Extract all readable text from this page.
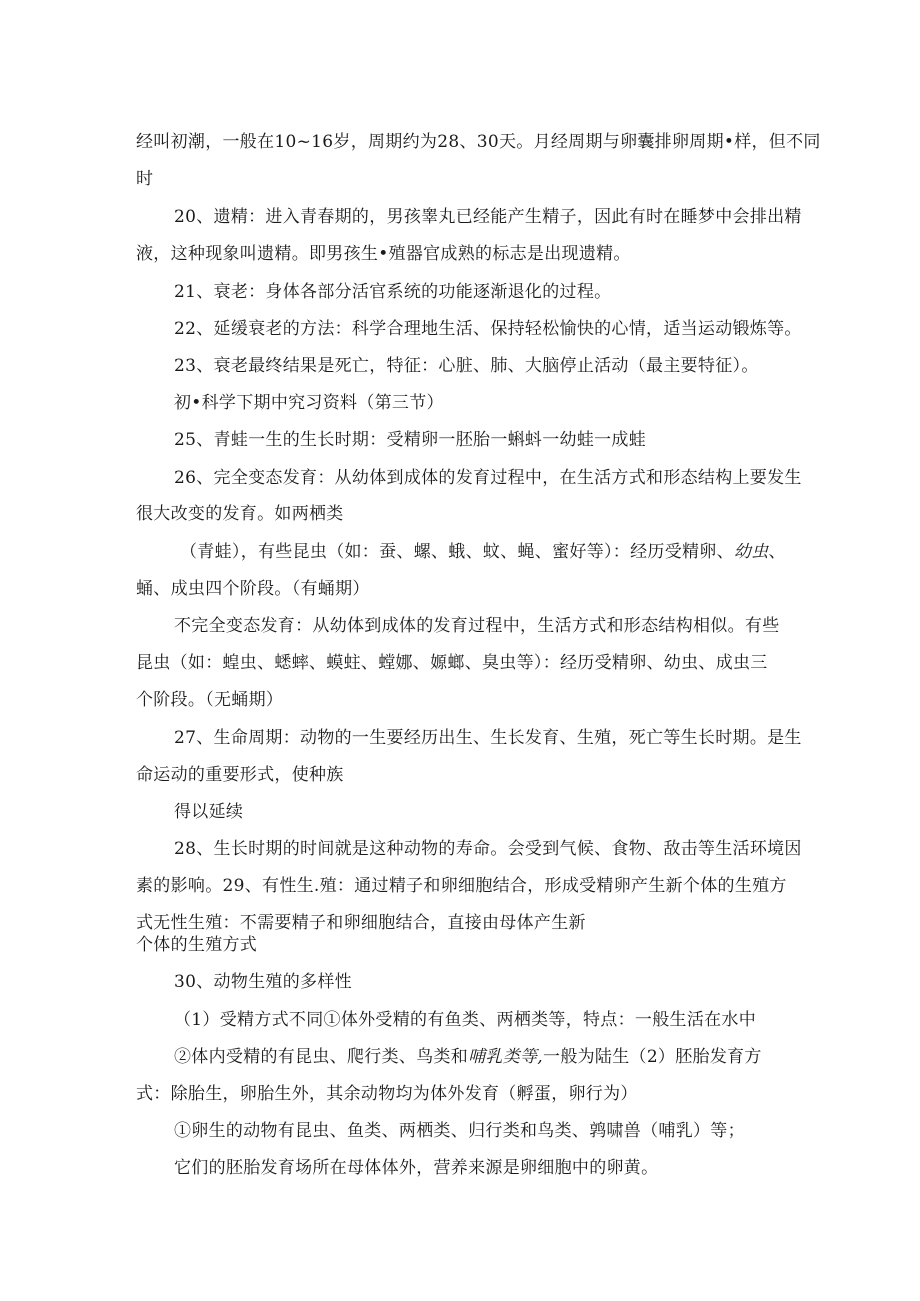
经叫初潮，一般在10~16岁，周期约为28、30天。月经周期与卵囊排卵周期•样，但不同

时

20、遗精：进入青春期的，男孩睾丸已经能产生精子，因此有时在睡梦中会排出精

液，这种现象叫遗精。即男孩生•殖器官成熟的标志是出现遗精。

21、衰老：身体各部分活官系统的功能逐渐退化的过程。

22、延缓衰老的方法：科学合理地生活、保持轻松愉快的心情，适当运动锻炼等。

23、衰老最终结果是死亡，特征：心脏、肺、大脑停止活动（最主要特征）。

初•科学下期中究习资料（第三节）

25、青蛙一生的生长时期：受精卵一胚胎一蝌蚪一幼蛙一成蛙

26、完全变态发育：从幼体到成体的发育过程中，在生活方式和形态结构上要发生

很大改变的发育。如两栖类

（青蛙），有些昆虫（如：蚕、螺、蛾、蚊、蝇、蜜好等）：经历受精卵、幼虫、

蛹、成虫四个阶段。（有蛹期）

不完全变态发育：从幼体到成体的发育过程中，生活方式和形态结构相似。有些

昆虫（如：蝗虫、蟋蟀、蟆蛀、螳娜、嫄螂、臭虫等）：经历受精卵、幼虫、成虫三

个阶段。（无蛹期）

27、生命周期：动物的一生要经历出生、生长发育、生殖，死亡等生长时期。是生

命运动的重要形式，使种族

得以延续

28、生长时期的时间就是这种动物的寿命。会受到气候、食物、敌击等生活环境因

素的影响。29、有性生.殖：通过精子和卵细胞结合，形成受精卵产生新个体的生殖方

式无性生殖：不需要精子和卵细胞结合，直接由母体产生新

个体的生殖方式

30、动物生殖的多样性

（1）受精方式不同①体外受精的有鱼类、两栖类等，特点：一般生活在水中

②体内受精的有昆虫、爬行类、鸟类和哺乳类等,一般为陆生（2）胚胎发育方

式：除胎生，卵胎生外，其余动物均为体外发育（孵蛋，卵行为）

①卵生的动物有昆虫、鱼类、两栖类、归行类和鸟类、鹑啸兽（哺乳）等；

它们的胚胎发育场所在母体体外，营养来源是卵细胞中的卵黄。
